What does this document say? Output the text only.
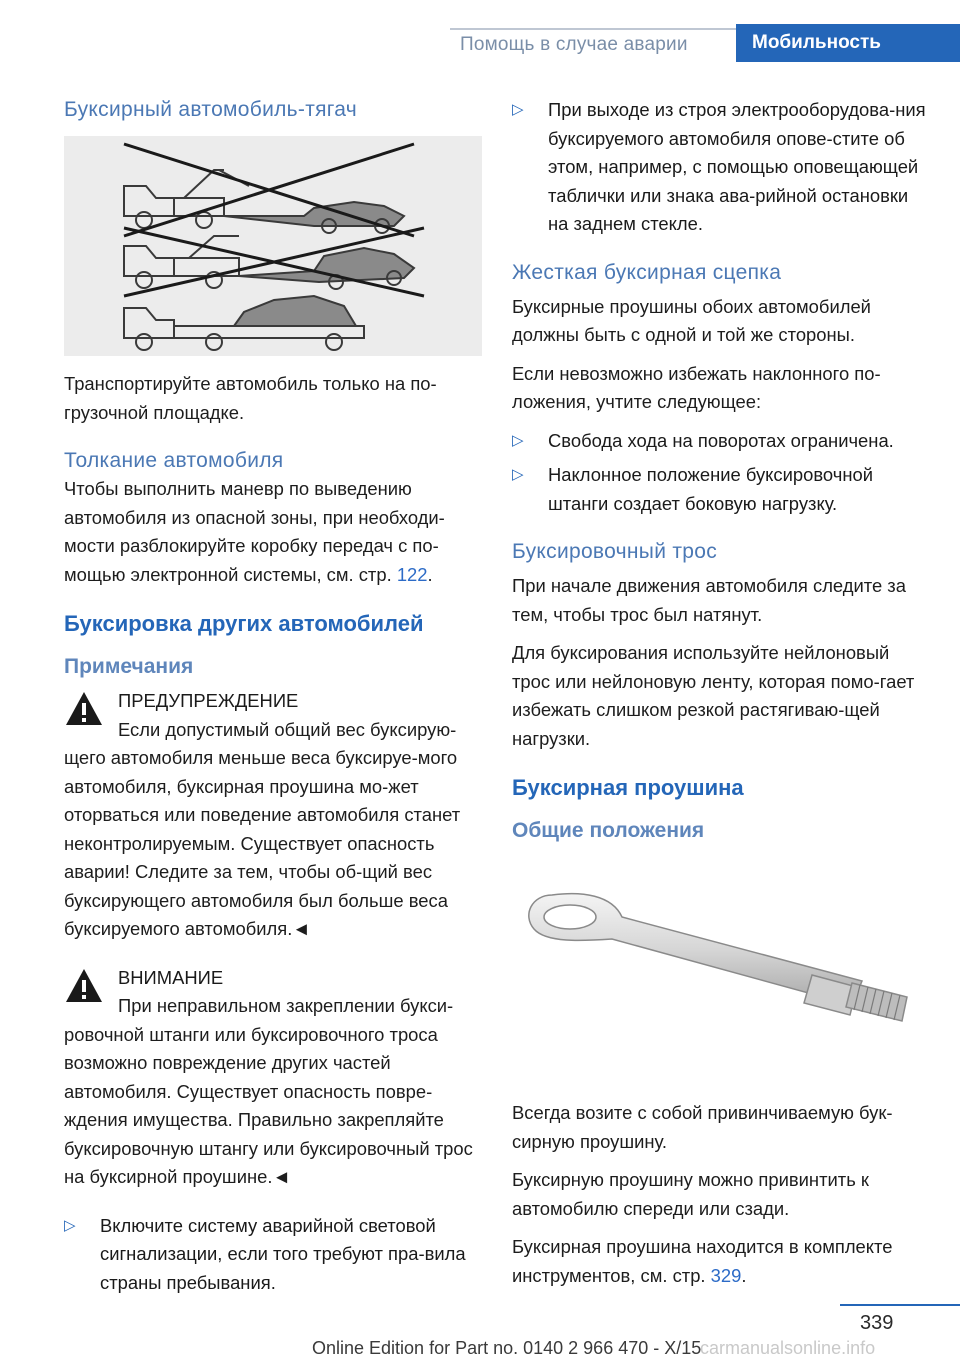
Помощь в случае аварии	Мобильность
Буксирный автомобиль-тягач
Транспортируйте автомобиль только на по-грузочной площадке.
Толкание автомобиля
Чтобы выполнить маневр по выведению автомобиля из опасной зоны, при необходи-мости разблокируйте коробку передач с по-мощью электронной системы, см. стр. 122.
Буксировка других автомобилей
Примечания
ПРЕДУПРЕЖДЕНИЕ
Если допустимый общий вес буксирую-
щего автомобиля меньше веса буксируе-мого автомобиля, буксирная проушина мо-жет оторваться или поведение автомобиля станет неконтролируемым. Существует опасность аварии! Следите за тем, чтобы об-щий вес буксирующего автомобиля был больше веса буксируемого автомобиля.◄
ВНИМАНИЕ
При неправильном закреплении букси-
ровочной штанги или буксировочного троса возможно повреждение других частей автомобиля. Существует опасность повре-ждения имущества. Правильно закрепляйте буксировочную штангу или буксировочный трос на буксирной проушине.◄
▷ Включите систему аварийной световой сигнализации, если того требуют пра-вила страны пребывания.
▷ При выходе из строя электрооборудова-ния буксируемого автомобиля опове-стите об этом, например, с помощью оповещающей таблички или знака ава-рийной остановки на заднем стекле.
Жесткая буксирная сцепка
Буксирные проушины обоих автомобилей должны быть с одной и той же стороны.
Если невозможно избежать наклонного по-ложения, учтите следующее:
▷ Свобода хода на поворотах ограничена.
▷ Наклонное положение буксировочной штанги создает боковую нагрузку.
Буксировочный трос
При начале движения автомобиля следите за тем, чтобы трос был натянут.
Для буксирования используйте нейлоновый трос или нейлоновую ленту, которая помо-гает избежать слишком резкой растягиваю-щей нагрузки.
Буксирная проушина
Общие положения
Всегда возите с собой привинчиваемую бук-сирную проушину.
Буксирную проушину можно привинтить к автомобилю спереди или сзади.
Буксирная проушина находится в комплекте инструментов, см. стр. 329.
339
Online Edition for Part no. 0140 2 966 470 - X/15
carmanualsonline.info
